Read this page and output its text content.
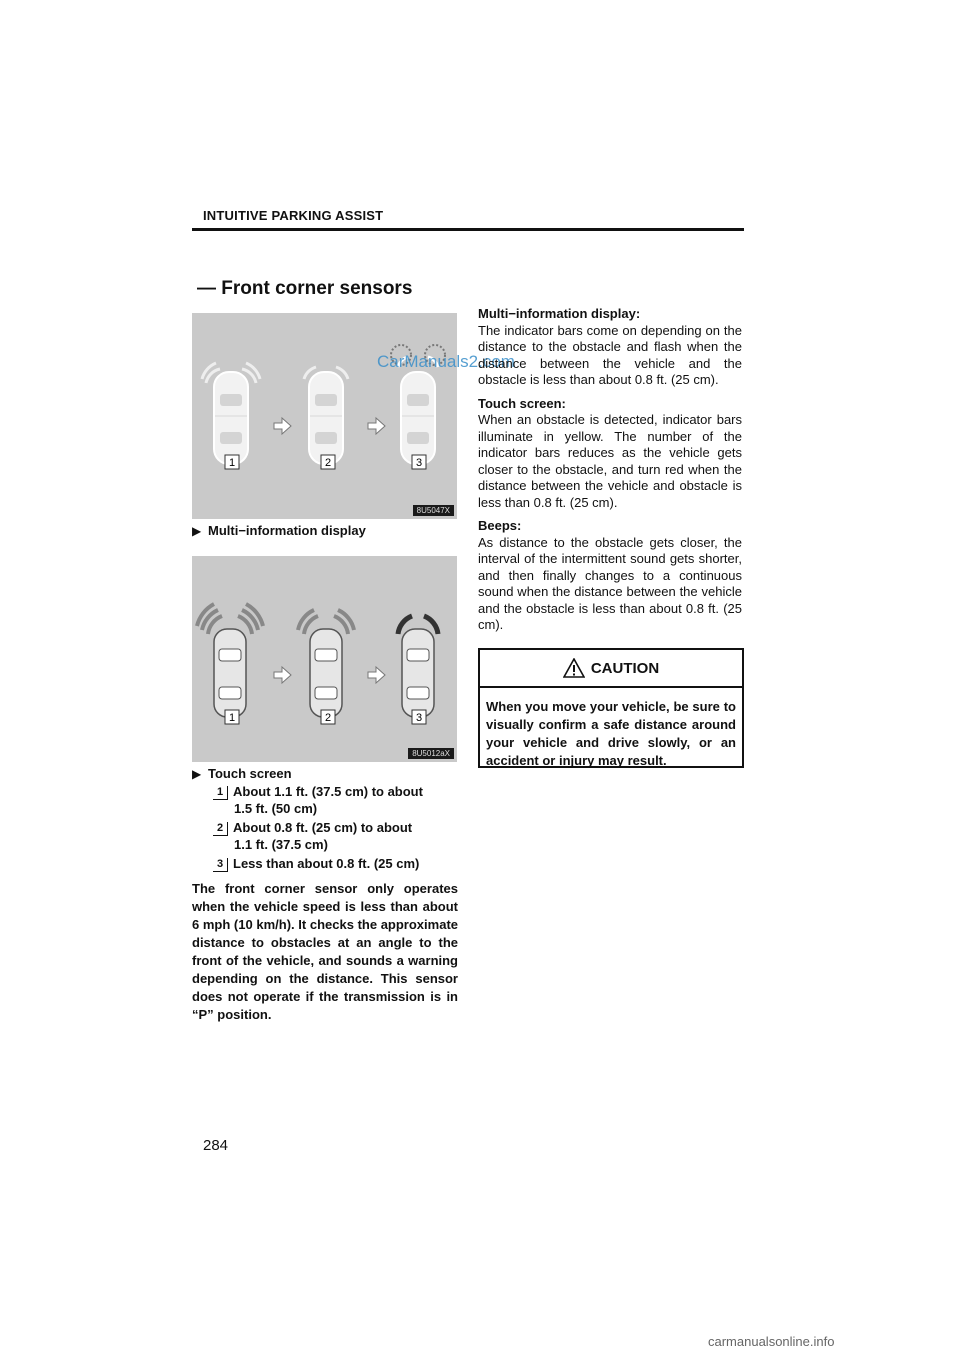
INTUITIVE PARKING ASSIST
— Front corner sensors
1	2	3
8U5047X
CarManuals2.com
▶ Multi−information display
1	2	3
8U5012aX
▶ Touch screen
1 About 1.1 ft. (37.5 cm) to about
1.5 ft. (50 cm)
2 About 0.8 ft. (25 cm) to about
1.1 ft. (37.5 cm)
3 Less than about 0.8 ft. (25 cm)
The front corner sensor only operates when the vehicle speed is less than about 6 mph (10 km/h). It checks the approximate distance to obstacles at an angle to the front of the vehicle, and sounds a warning depending on the distance. This sensor does not operate if the transmission is in “P” position.

Multi−information display:

The indicator bars come on depending on the distance to the obstacle and flash when the distance between the vehicle and the obstacle is less than about 0.8 ft. (25 cm).

Touch screen:

When an obstacle is detected, indicator bars illuminate in yellow. The number of the indicator bars reduces as the vehicle gets closer to the obstacle, and turn red when the distance between the vehicle and obstacle is less than 0.8 ft. (25 cm).

Beeps:

As distance to the obstacle gets closer, the interval of the intermittent sound gets shorter, and then finally changes to a continuous sound when the distance between the vehicle and the obstacle is less than about 0.8 ft. (25 cm).

CAUTION
When you move your vehicle, be sure to visually confirm a safe distance around your vehicle and drive slowly, or an accident or injury may result.
284
carmanualsonline.info
